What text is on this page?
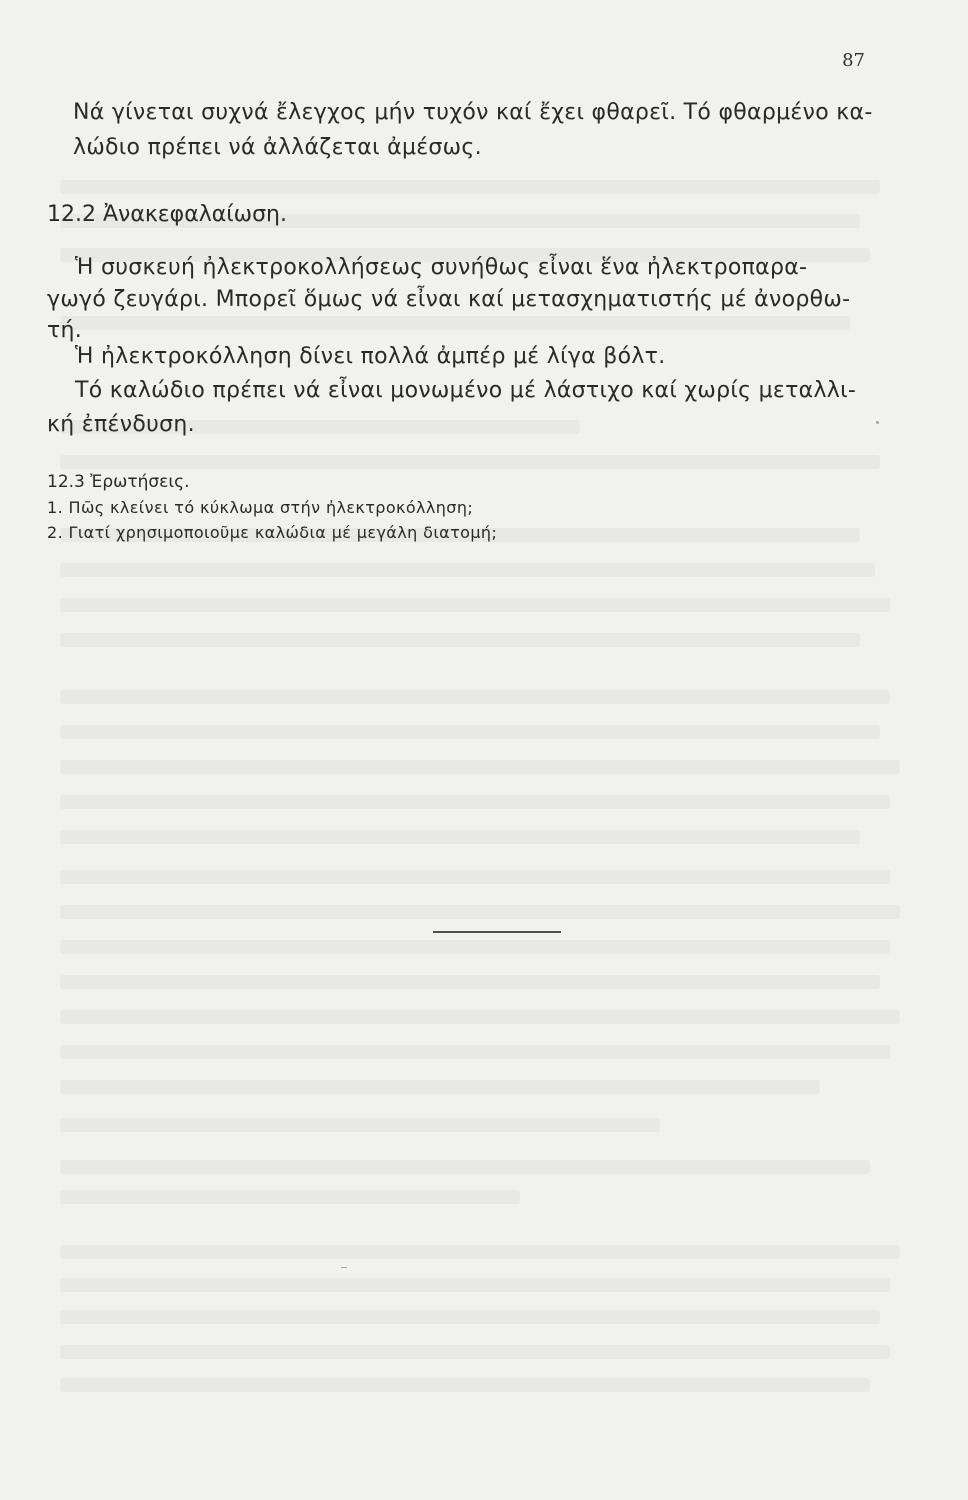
87
Νά γίνεται συχνά ἔλεγχος μήν τυχόν καί ἔχει φθαρεῖ. Τό φθαρμένο κα-
λώδιο πρέπει νά ἀλλάζεται ἀμέσως.
12.2 Ἀνακεφαλαίωση.
Ἡ συσκευή ἠλεκτροκολλήσεως συνήθως εἶναι ἕνα ἠλεκτροπαρα-
γωγό ζευγάρι. Μπορεῖ ὅμως νά εἶναι καί μετασχηματιστής μέ ἀνορθω-
τή.
Ἡ ἠλεκτροκόλληση δίνει πολλά ἀμπέρ μέ λίγα βόλτ.
Τό καλώδιο πρέπει νά εἶναι μονωμένο μέ λάστιχο καί χωρίς μεταλλι-
κή ἐπένδυση.
12.3 Ἐρωτήσεις.
1. Πῶς κλείνει τό κύκλωμα στήν ἠλεκτροκόλληση;
2. Γιατί χρησιμοποιοῦμε καλώδια μέ μεγάλη διατομή;
